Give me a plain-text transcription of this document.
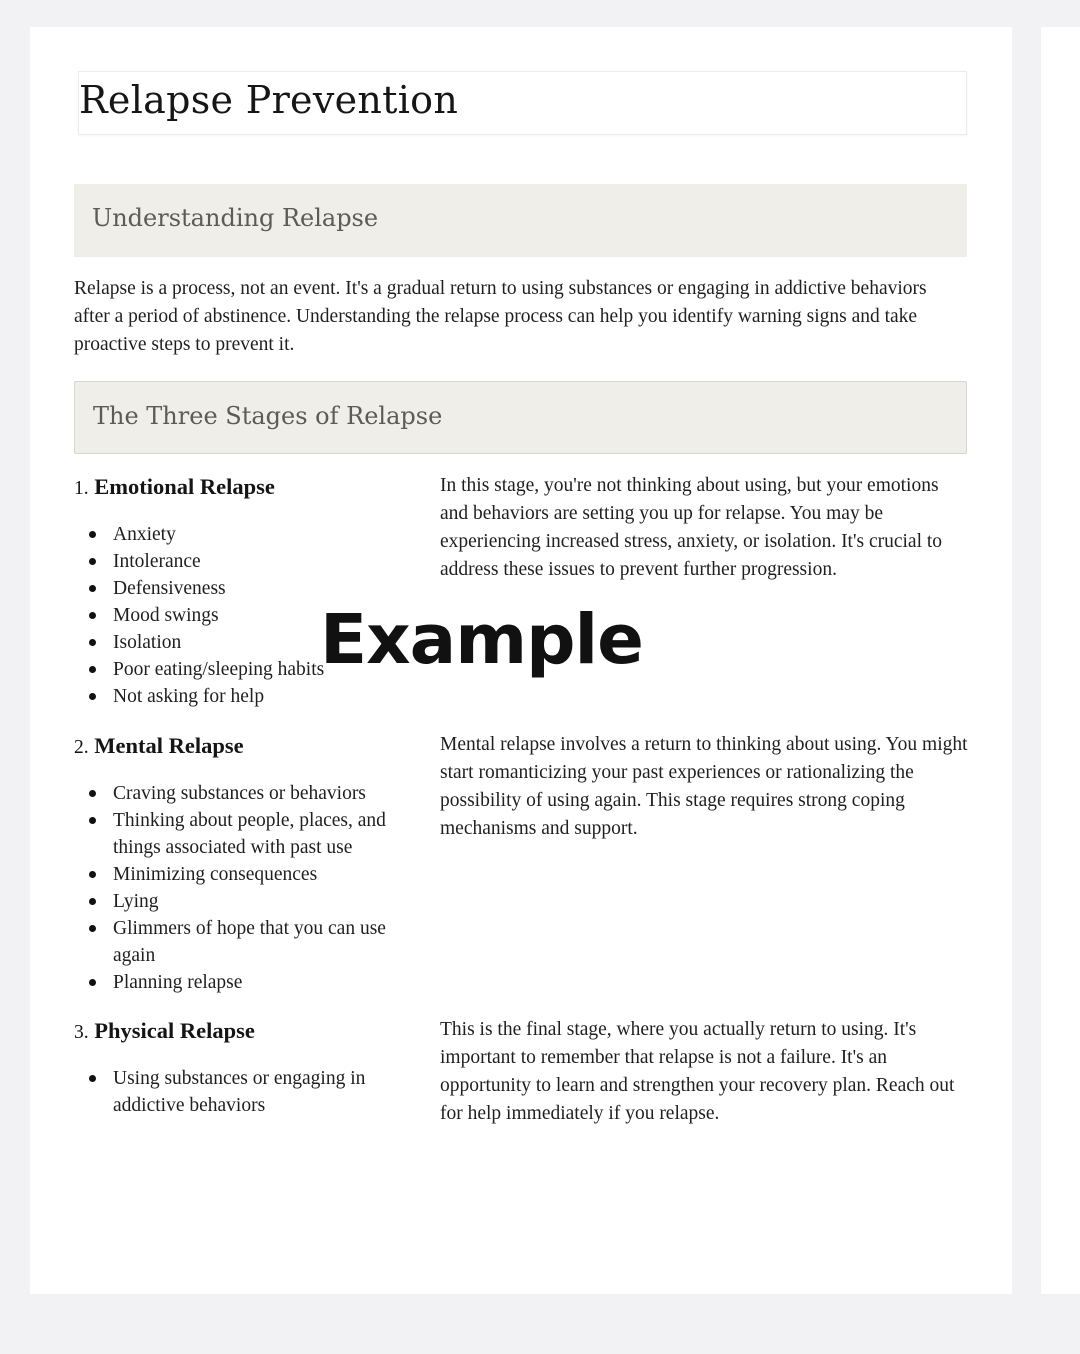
Relapse Prevention
Understanding Relapse

Relapse is a process, not an event. It's a gradual return to using substances or engaging in addictive behaviors after a period of abstinence. Understanding the relapse process can help you identify warning signs and take proactive steps to prevent it.

The Three Stages of Relapse
1. Emotional Relapse
Anxiety
Intolerance
Defensiveness
Mood swings
Isolation
Poor eating/sleeping habits
Not asking for help

In this stage, you're not thinking about using, but your emotions and behaviors are setting you up for relapse. You may be experiencing increased stress, anxiety, or isolation. It's crucial to address these issues to prevent further progression.

2. Mental Relapse
Craving substances or behaviors
Thinking about people, places, and things associated with past use
Minimizing consequences
Lying
Glimmers of hope that you can use again
Planning relapse

Mental relapse involves a return to thinking about using. You might start romanticizing your past experiences or rationalizing the possibility of using again. This stage requires strong coping mechanisms and support.

3. Physical Relapse
Using substances or engaging in addictive behaviors

This is the final stage, where you actually return to using. It's important to remember that relapse is not a failure. It's an opportunity to learn and strengthen your recovery plan. Reach out for help immediately if you relapse.

Example
